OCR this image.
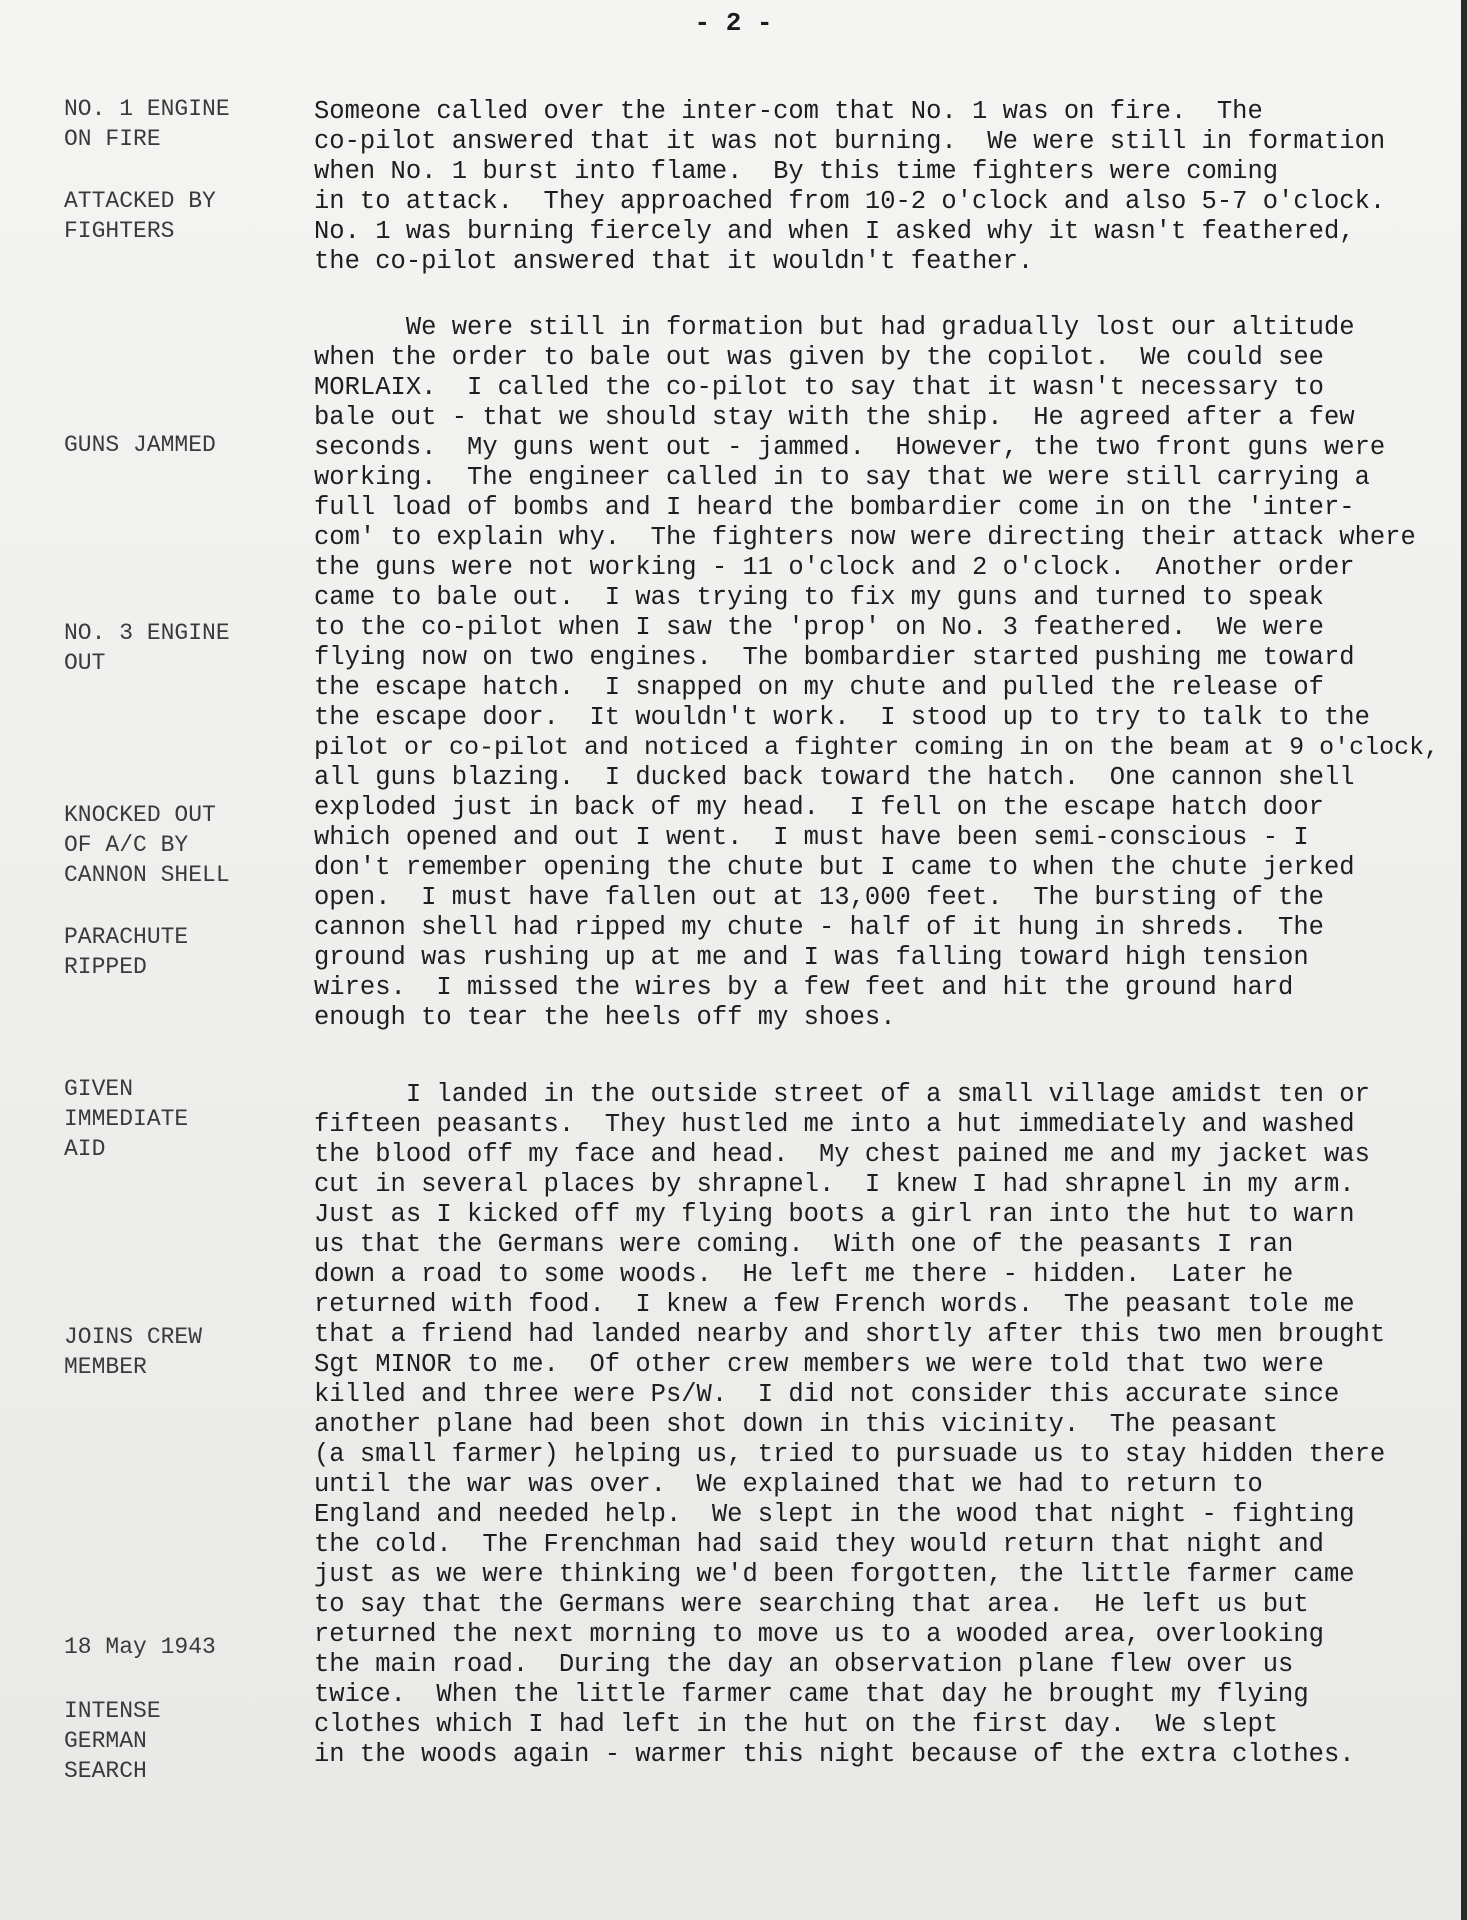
- 2 -
NO. 1 ENGINE
ON FIRE
ATTACKED BY
FIGHTERS
GUNS JAMMED
NO. 3 ENGINE
OUT
KNOCKED OUT
OF A/C BY
CANNON SHELL
PARACHUTE
RIPPED
GIVEN
IMMEDIATE
AID
JOINS CREW
MEMBER
18 May 1943
INTENSE
GERMAN
SEARCH
Someone called over the inter-com that No. 1 was on fire.  The
co-pilot answered that it was not burning.  We were still in formation
when No. 1 burst into flame.  By this time fighters were coming
in to attack.  They approached from 10-2 o'clock and also 5-7 o'clock.
No. 1 was burning fiercely and when I asked why it wasn't feathered,
the co-pilot answered that it wouldn't feather.
We were still in formation but had gradually lost our altitude
when the order to bale out was given by the copilot.  We could see
MORLAIX.  I called the co-pilot to say that it wasn't necessary to
bale out - that we should stay with the ship.  He agreed after a few
seconds.  My guns went out - jammed.  However, the two front guns were
working.  The engineer called in to say that we were still carrying a
full load of bombs and I heard the bombardier come in on the 'inter-
com' to explain why.  The fighters now were directing their attack where
the guns were not working - 11 o'clock and 2 o'clock.  Another order
came to bale out.  I was trying to fix my guns and turned to speak
to the co-pilot when I saw the 'prop' on No. 3 feathered.  We were
flying now on two engines.  The bombardier started pushing me toward
the escape hatch.  I snapped on my chute and pulled the release of
the escape door.  It wouldn't work.  I stood up to try to talk to the
pilot or co-pilot and noticed a fighter coming in on the beam at 9 o'clock,
all guns blazing.  I ducked back toward the hatch.  One cannon shell
exploded just in back of my head.  I fell on the escape hatch door
which opened and out I went.  I must have been semi-conscious - I
don't remember opening the chute but I came to when the chute jerked
open.  I must have fallen out at 13,000 feet.  The bursting of the
cannon shell had ripped my chute - half of it hung in shreds.  The
ground was rushing up at me and I was falling toward high tension
wires.  I missed the wires by a few feet and hit the ground hard
enough to tear the heels off my shoes.
I landed in the outside street of a small village amidst ten or
fifteen peasants.  They hustled me into a hut immediately and washed
the blood off my face and head.  My chest pained me and my jacket was
cut in several places by shrapnel.  I knew I had shrapnel in my arm.
Just as I kicked off my flying boots a girl ran into the hut to warn
us that the Germans were coming.  With one of the peasants I ran
down a road to some woods.  He left me there - hidden.  Later he
returned with food.  I knew a few French words.  The peasant tole me
that a friend had landed nearby and shortly after this two men brought
Sgt MINOR to me.  Of other crew members we were told that two were
killed and three were Ps/W.  I did not consider this accurate since
another plane had been shot down in this vicinity.  The peasant
(a small farmer) helping us, tried to pursuade us to stay hidden there
until the war was over.  We explained that we had to return to
England and needed help.  We slept in the wood that night - fighting
the cold.  The Frenchman had said they would return that night and
just as we were thinking we'd been forgotten, the little farmer came
to say that the Germans were searching that area.  He left us but
returned the next morning to move us to a wooded area, overlooking
the main road.  During the day an observation plane flew over us
twice.  When the little farmer came that day he brought my flying
clothes which I had left in the hut on the first day.  We slept
in the woods again - warmer this night because of the extra clothes.
